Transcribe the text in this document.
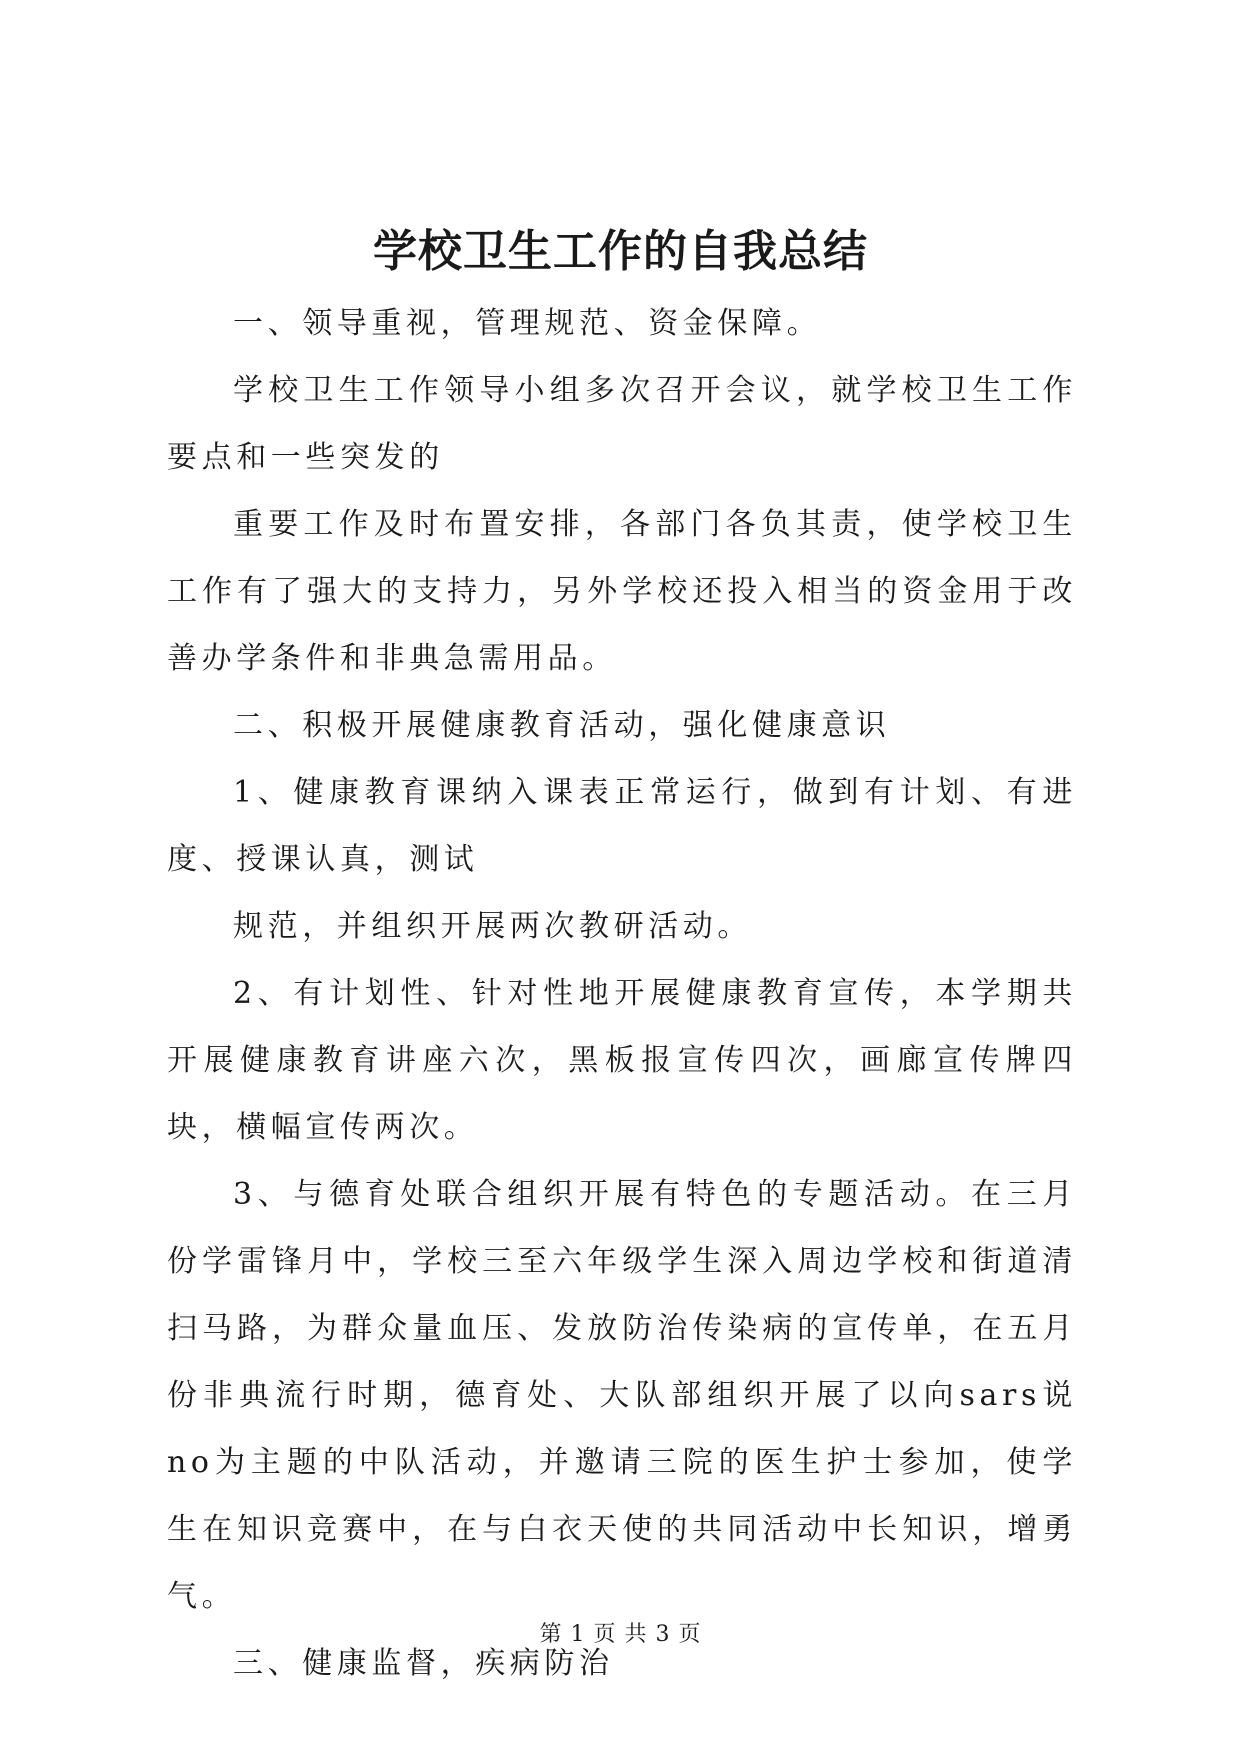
学校卫生工作的自我总结

一、领导重视，管理规范、资金保障。

学校卫生工作领导小组多次召开会议，就学校卫生工作要点和一些突发的

重要工作及时布置安排，各部门各负其责，使学校卫生工作有了强大的支持力，另外学校还投入相当的资金用于改善办学条件和非典急需用品。

二、积极开展健康教育活动，强化健康意识

1、健康教育课纳入课表正常运行，做到有计划、有进度、授课认真，测试

规范，并组织开展两次教研活动。

2、有计划性、针对性地开展健康教育宣传，本学期共开展健康教育讲座六次，黑板报宣传四次，画廊宣传牌四块，横幅宣传两次。

3、与德育处联合组织开展有特色的专题活动。在三月份学雷锋月中，学校三至六年级学生深入周边学校和街道清扫马路，为群众量血压、发放防治传染病的宣传单，在五月份非典流行时期，德育处、大队部组织开展了以向sars说no为主题的中队活动，并邀请三院的医生护士参加，使学生在知识竞赛中，在与白衣天使的共同活动中长知识，增勇气。

三、健康监督，疾病防治

第 1 页 共 3 页
